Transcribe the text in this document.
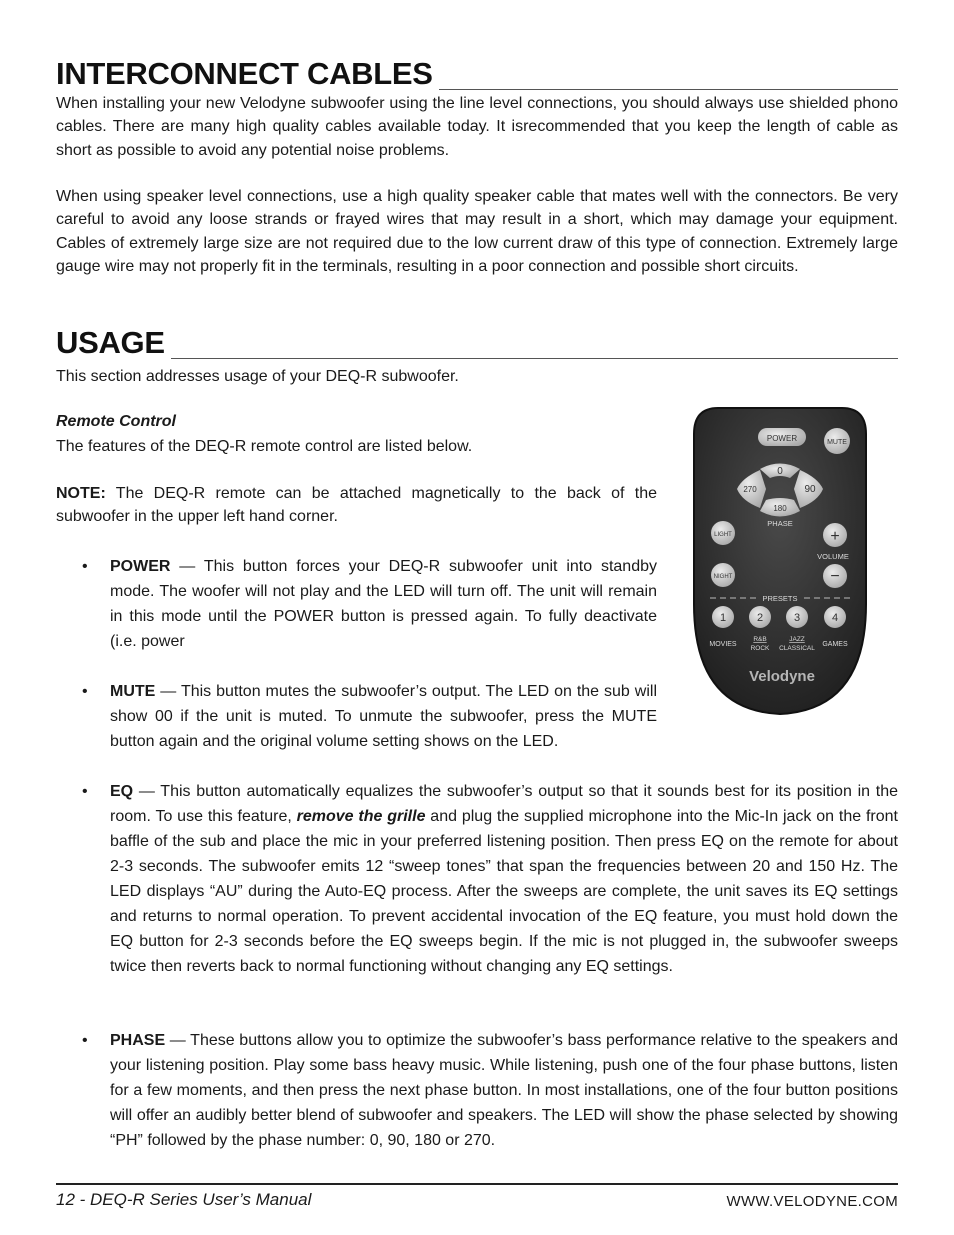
INTERCONNECT CABLES

When installing your new Velodyne subwoofer using the line level connections, you should always use shielded phono cables. There are many high quality cables available today. It isrecommended that you keep the length of cable as short as possible to avoid any potential noise problems.

When using speaker level connections, use a high quality speaker cable that mates well with the connectors. Be very careful to avoid any loose strands or frayed wires that may result in a short, which may damage your equipment. Cables of extremely large size are not required due to the low current draw of this type of connection. Extremely large gauge wire may not properly fit in the terminals, resulting in a poor connection and possible short circuits.

USAGE

This section addresses usage of your DEQ-R subwoofer.

Remote Control

The features of the DEQ-R remote control are listed below.

NOTE: The DEQ-R remote can be attached magnetically to the back of the subwoofer in the upper left hand corner.

• POWER — This button forces your DEQ-R subwoofer unit into standby mode. The woofer will not play and the LED will turn off. The unit will remain in this mode until the POWER button is pressed again. To fully deactivate (i.e. power

• MUTE — This button mutes the subwoofer’s output. The LED on the sub will show 00 if the unit is muted. To unmute the subwoofer, press the MUTE button again and the original volume setting shows on the LED.

• EQ — This button automatically equalizes the subwoofer’s output so that it sounds best for its position in the room. To use this feature, remove the grille and plug the supplied microphone into the Mic-In jack on the front baffle of the sub and place the mic in your preferred listening position. Then press EQ on the remote for about 2-3 seconds. The subwoofer emits 12 “sweep tones” that span the frequencies between 20 and 150 Hz. The LED displays “AU” during the Auto-EQ process. After the sweeps are complete, the unit saves its EQ settings and returns to normal operation. To prevent accidental invocation of the EQ feature, you must hold down the EQ button for 2-3 seconds before the EQ sweeps begin. If the mic is not plugged in, the subwoofer sweeps twice then reverts back to normal functioning without changing any EQ settings.

• PHASE — These buttons allow you to optimize the subwoofer’s bass performance relative to the speakers and your listening position. Play some bass heavy music. While listening, push one of the four phase buttons, listen for a few moments, and then press the next phase button. In most installations, one of the four button positions will offer an audibly better blend of subwoofer and speakers. The LED will show the phase selected by showing “PH” followed by the phase number: 0, 90, 180 or 270.

POWER	MUTE
0
90
270
180
PHASE
LIGHT	+
VOLUME
NIGHT	−
PRESETS
1	2	3	4
MOVIES
R&B
ROCK
JAZZ
CLASSICAL
GAMES
Velodyne
12 - DEQ-R Series User’s Manual	WWW.VELODYNE.COM
